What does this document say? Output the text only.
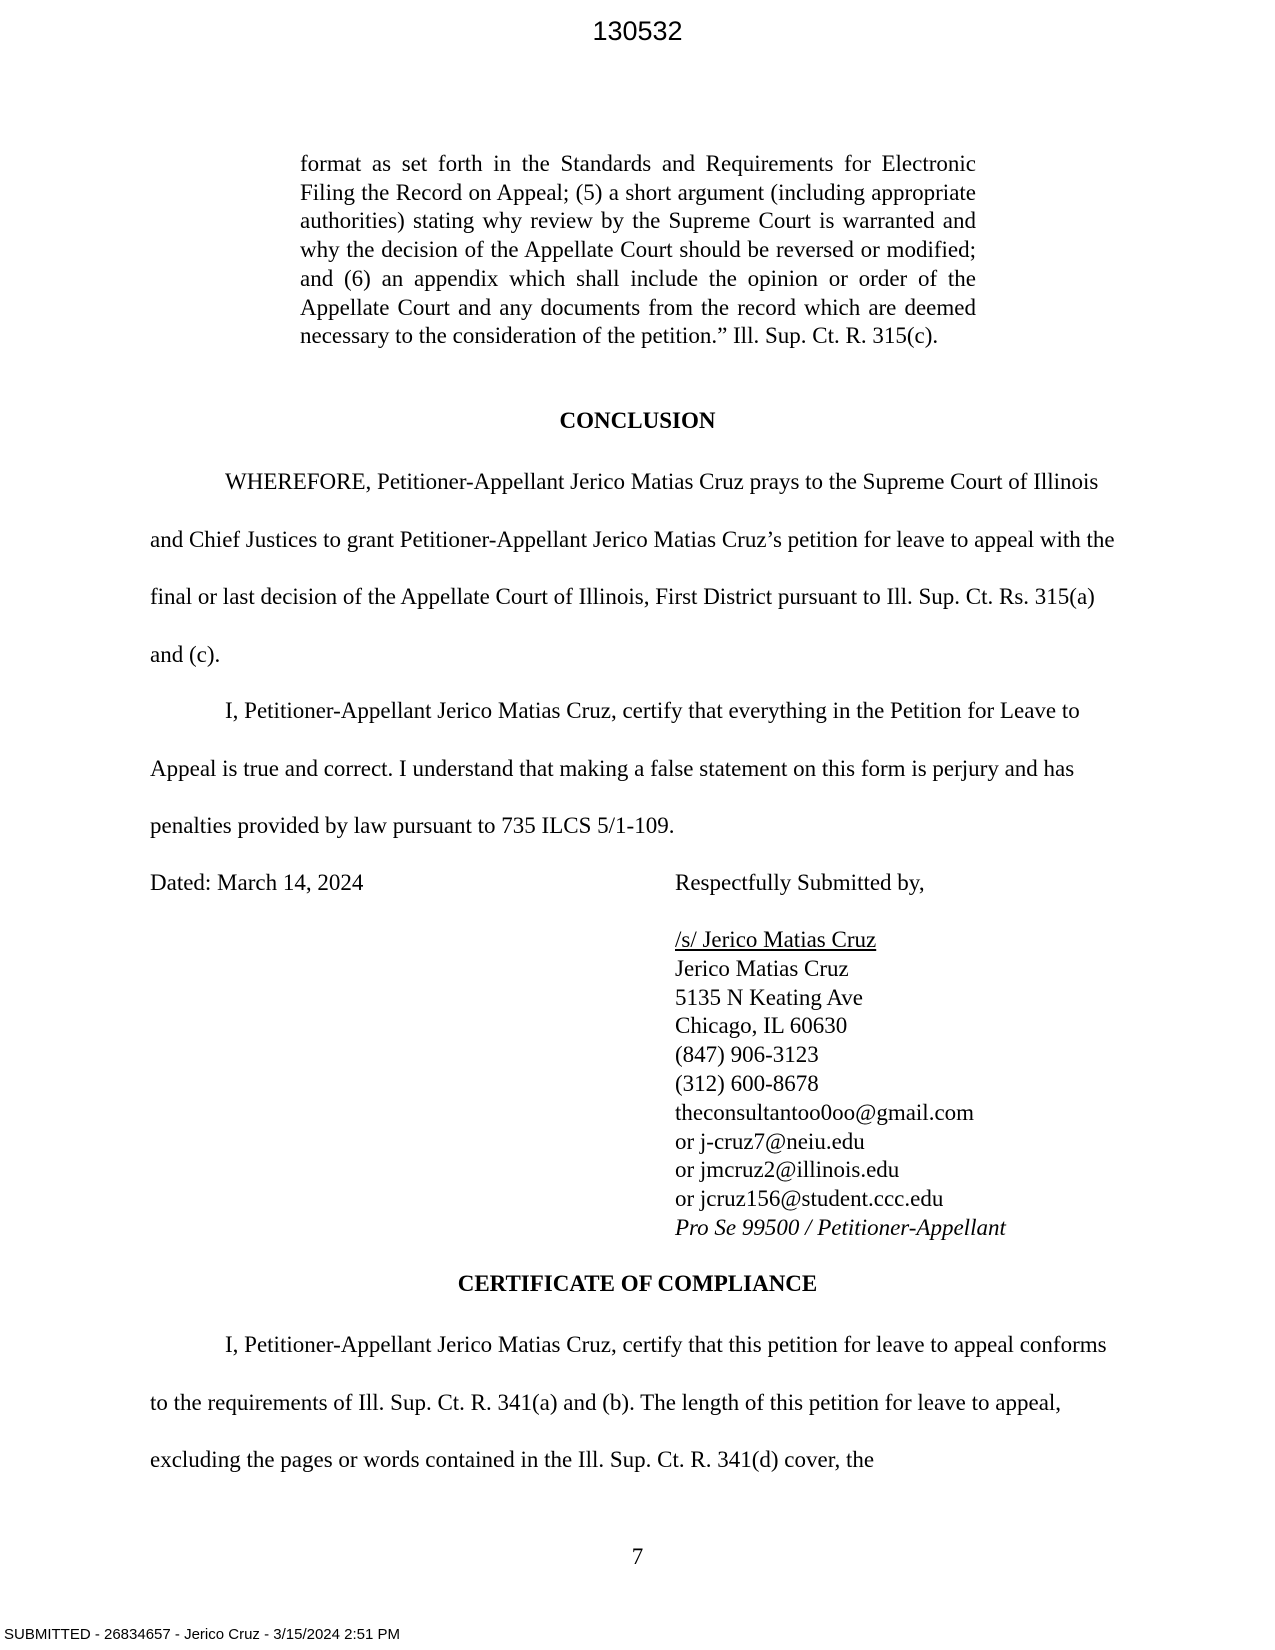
130532

format as set forth in the Standards and Requirements for Electronic Filing the Record on Appeal; (5) a short argument (including appropriate authorities) stating why review by the Supreme Court is warranted and why the decision of the Appellate Court should be reversed or modified; and (6) an appendix which shall include the opinion or order of the Appellate Court and any documents from the record which are deemed necessary to the consideration of the petition.” Ill. Sup. Ct. R. 315(c).

CONCLUSION

WHEREFORE, Petitioner-Appellant Jerico Matias Cruz prays to the Supreme Court of Illinois and Chief Justices to grant Petitioner-Appellant Jerico Matias Cruz’s petition for leave to appeal with the final or last decision of the Appellate Court of Illinois, First District pursuant to Ill. Sup. Ct. Rs. 315(a) and (c).

I, Petitioner-Appellant Jerico Matias Cruz, certify that everything in the Petition for Leave to Appeal is true and correct. I understand that making a false statement on this form is perjury and has penalties provided by law pursuant to 735 ILCS 5/1-109.

Dated: March 14, 2024	Respectfully Submitted by,
/s/ Jerico Matias Cruz
Jerico Matias Cruz
5135 N Keating Ave
Chicago, IL 60630
(847) 906-3123
(312) 600-8678
theconsultantoo0oo@gmail.com
or j-cruz7@neiu.edu
or jmcruz2@illinois.edu
or jcruz156@student.ccc.edu
Pro Se 99500 / Petitioner-Appellant
CERTIFICATE OF COMPLIANCE

I, Petitioner-Appellant Jerico Matias Cruz, certify that this petition for leave to appeal conforms to the requirements of Ill. Sup. Ct. R. 341(a) and (b). The length of this petition for leave to appeal, excluding the pages or words contained in the Ill. Sup. Ct. R. 341(d) cover, the

7
SUBMITTED - 26834657 - Jerico Cruz - 3/15/2024 2:51 PM
